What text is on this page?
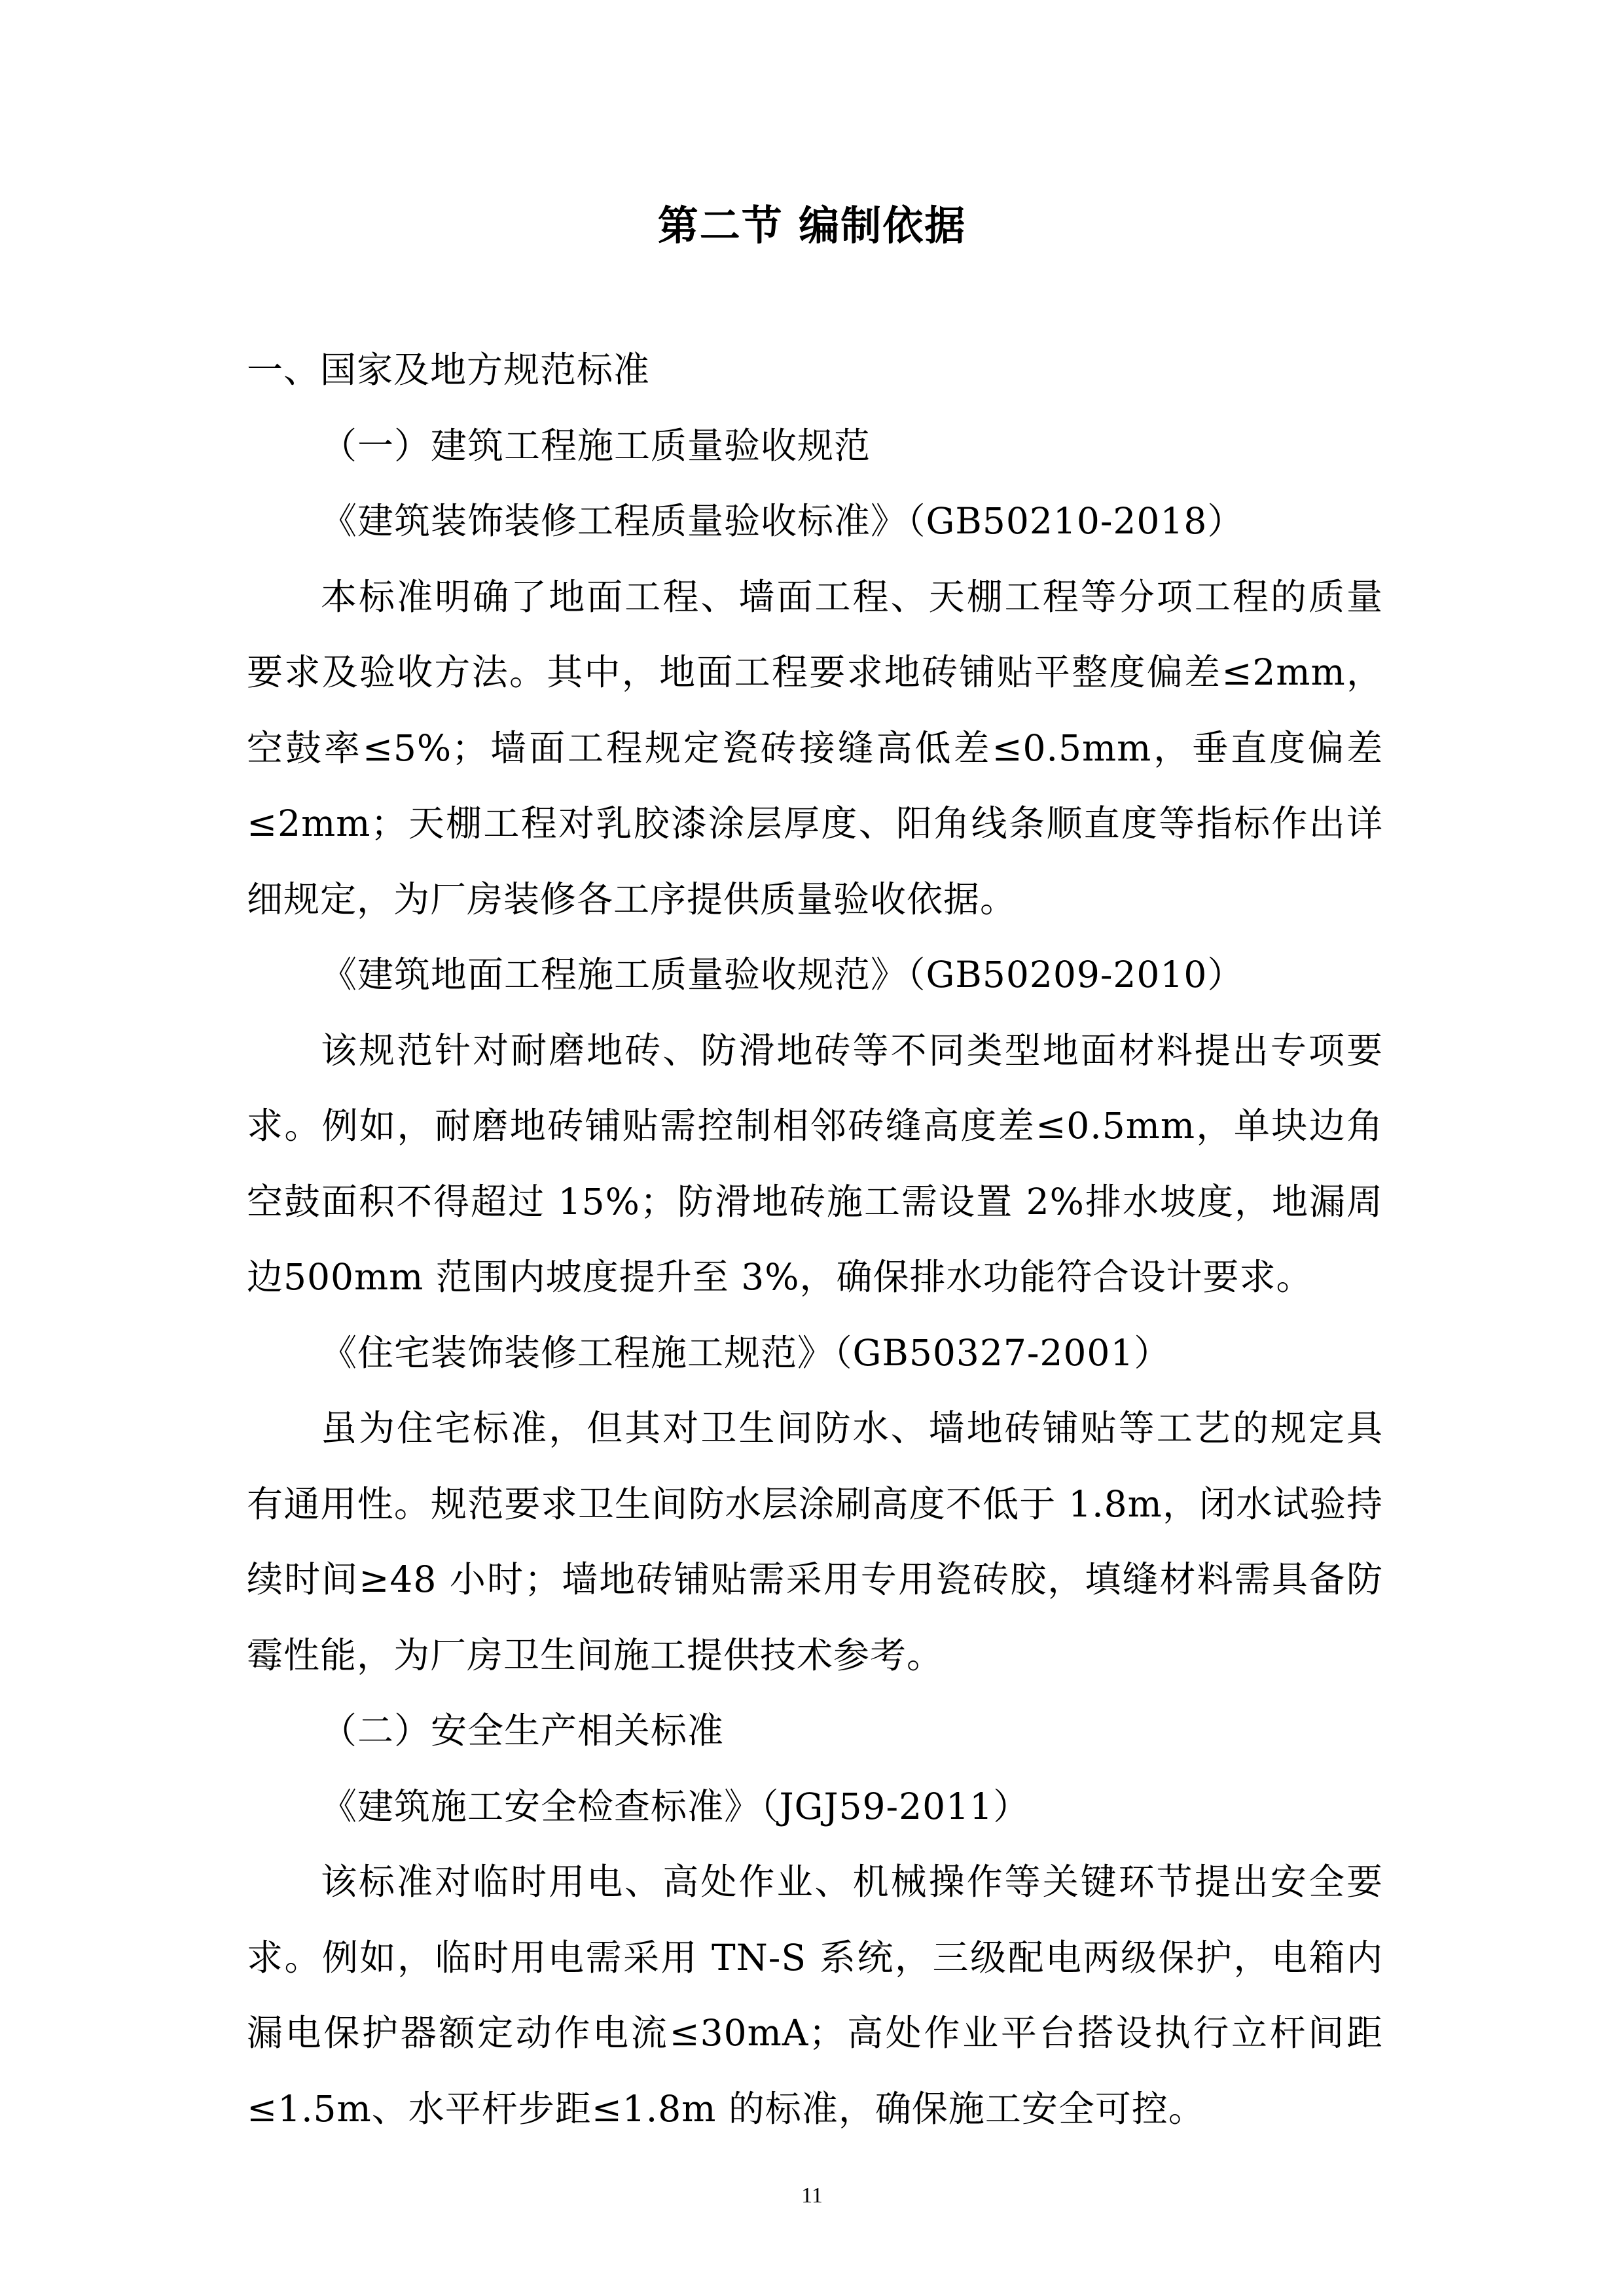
第二节 编制依据

一、国家及地方规范标准

（一）建筑工程施工质量验收规范

《建筑装饰装修工程质量验收标准》（GB50210-2018）

本标准明确了地面工程、墙面工程、天棚工程等分项工程的质量要求及验收方法。其中，地面工程要求地砖铺贴平整度偏差≤2mm，空鼓率≤5%；墙面工程规定瓷砖接缝高低差≤0.5mm，垂直度偏差≤2mm；天棚工程对乳胶漆涂层厚度、阳角线条顺直度等指标作出详细规定，为厂房装修各工序提供质量验收依据。

《建筑地面工程施工质量验收规范》（GB50209-2010）

该规范针对耐磨地砖、防滑地砖等不同类型地面材料提出专项要求。例如，耐磨地砖铺贴需控制相邻砖缝高度差≤0.5mm，单块边角空鼓面积不得超过 15%；防滑地砖施工需设置 2%排水坡度，地漏周边500mm 范围内坡度提升至 3%，确保排水功能符合设计要求。

《住宅装饰装修工程施工规范》（GB50327-2001）

虽为住宅标准，但其对卫生间防水、墙地砖铺贴等工艺的规定具有通用性。规范要求卫生间防水层涂刷高度不低于 1.8m，闭水试验持续时间≥48 小时；墙地砖铺贴需采用专用瓷砖胶，填缝材料需具备防霉性能，为厂房卫生间施工提供技术参考。

（二）安全生产相关标准

《建筑施工安全检查标准》（JGJ59-2011）

该标准对临时用电、高处作业、机械操作等关键环节提出安全要求。例如，临时用电需采用 TN-S 系统，三级配电两级保护，电箱内漏电保护器额定动作电流≤30mA；高处作业平台搭设执行立杆间距≤1.5m、水平杆步距≤1.8m 的标准，确保施工安全可控。

11
